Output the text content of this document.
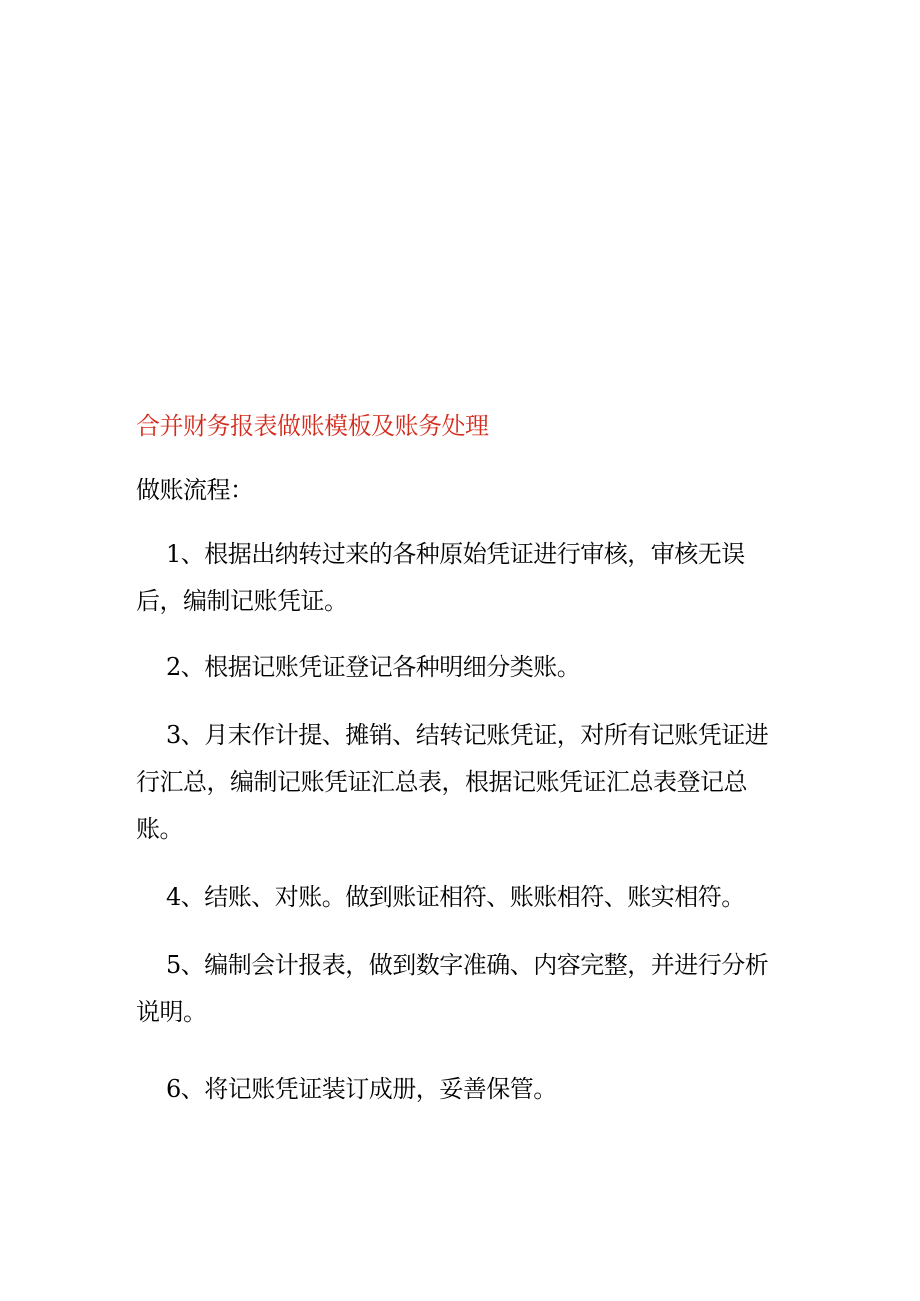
合并财务报表做账模板及账务处理

做账流程：

1、根据出纳转过来的各种原始凭证进行审核，审核无误后，编制记账凭证。

2、根据记账凭证登记各种明细分类账。

3、月末作计提、摊销、结转记账凭证，对所有记账凭证进行汇总，编制记账凭证汇总表，根据记账凭证汇总表登记总账。

4、结账、对账。做到账证相符、账账相符、账实相符。

5、编制会计报表，做到数字准确、内容完整，并进行分析说明。

6、将记账凭证装订成册，妥善保管。
